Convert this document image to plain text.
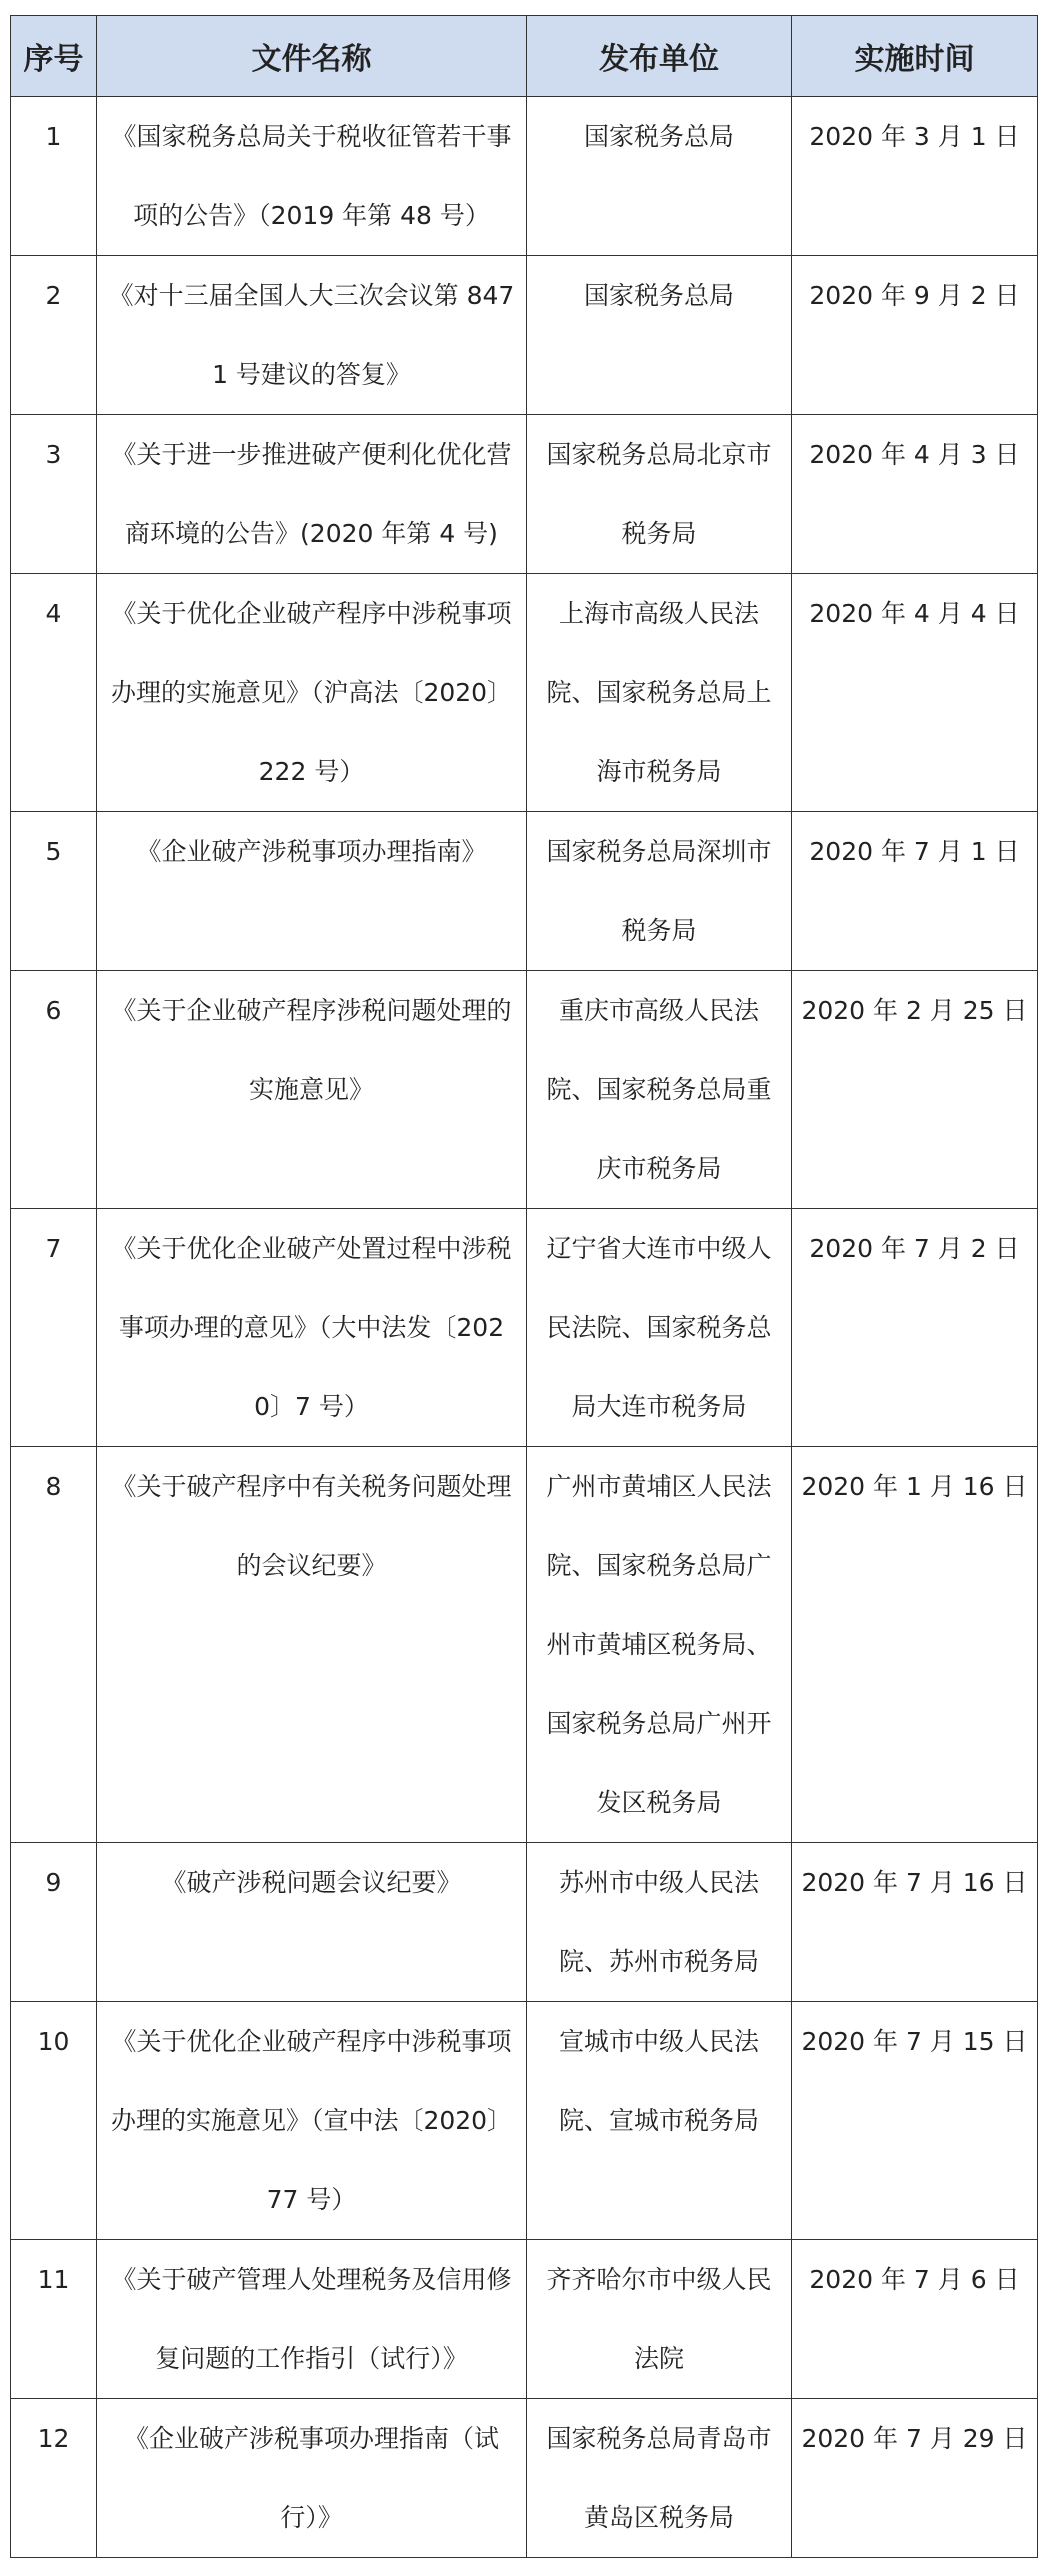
序号	文件名称	发布单位	实施时间
1	《国家税务总局关于税收征管若干事项的公告》（2019 年第 48 号）	国家税务总局	2020 年 3 月 1 日
2	《对十三届全国人大三次会议第 8471 号建议的答复》	国家税务总局	2020 年 9 月 2 日
3	《关于进一步推进破产便利化优化营商环境的公告》(2020 年第 4 号)	国家税务总局北京市税务局	2020 年 4 月 3 日
4	《关于优化企业破产程序中涉税事项办理的实施意见》（沪高法〔2020〕222 号）	上海市高级人民法院、国家税务总局上海市税务局	2020 年 4 月 4 日
5	《企业破产涉税事项办理指南》	国家税务总局深圳市税务局	2020 年 7 月 1 日
6	《关于企业破产程序涉税问题处理的实施意见》	重庆市高级人民法院、国家税务总局重庆市税务局	2020 年 2 月 25 日
7	《关于优化企业破产处置过程中涉税事项办理的意见》（大中法发〔2020〕7 号）	辽宁省大连市中级人民法院、国家税务总局大连市税务局	2020 年 7 月 2 日
8	《关于破产程序中有关税务问题处理的会议纪要》	广州市黄埔区人民法院、国家税务总局广州市黄埔区税务局、国家税务总局广州开发区税务局	2020 年 1 月 16 日
9	《破产涉税问题会议纪要》	苏州市中级人民法院、苏州市税务局	2020 年 7 月 16 日
10	《关于优化企业破产程序中涉税事项办理的实施意见》（宣中法〔2020〕77 号）	宣城市中级人民法院、宣城市税务局	2020 年 7 月 15 日
11	《关于破产管理人处理税务及信用修复问题的工作指引（试行）》	齐齐哈尔市中级人民法院	2020 年 7 月 6 日
12	《企业破产涉税事项办理指南（试行）》	国家税务总局青岛市黄岛区税务局	2020 年 7 月 29 日
